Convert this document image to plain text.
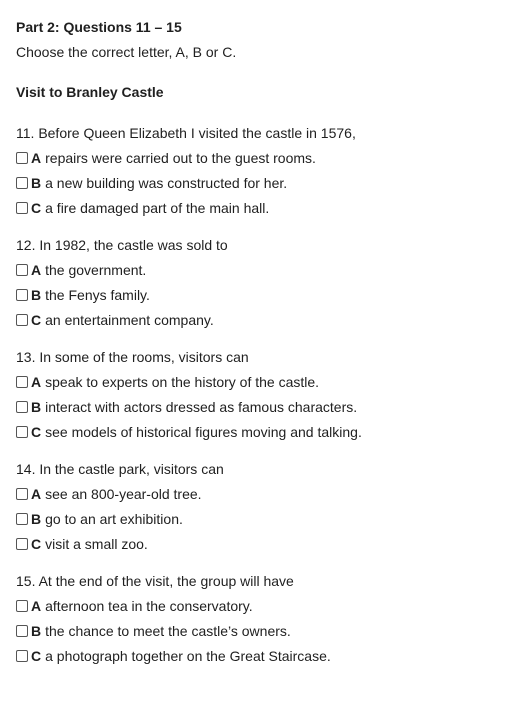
Part 2: Questions 11 – 15

Choose the correct letter, A, B or C.

Visit to Branley Castle

11. Before Queen Elizabeth I visited the castle in 1576,

A repairs were carried out to the guest rooms.
B a new building was constructed for her.
C a fire damaged part of the main hall.

12. In 1982, the castle was sold to

A the government.
B the Fenys family.
C an entertainment company.

13. In some of the rooms, visitors can

A speak to experts on the history of the castle.
B interact with actors dressed as famous characters.
C see models of historical figures moving and talking.

14. In the castle park, visitors can

A see an 800-year-old tree.
B go to an art exhibition.
C visit a small zoo.

15. At the end of the visit, the group will have

A afternoon tea in the conservatory.
B the chance to meet the castle’s owners.
C a photograph together on the Great Staircase.
